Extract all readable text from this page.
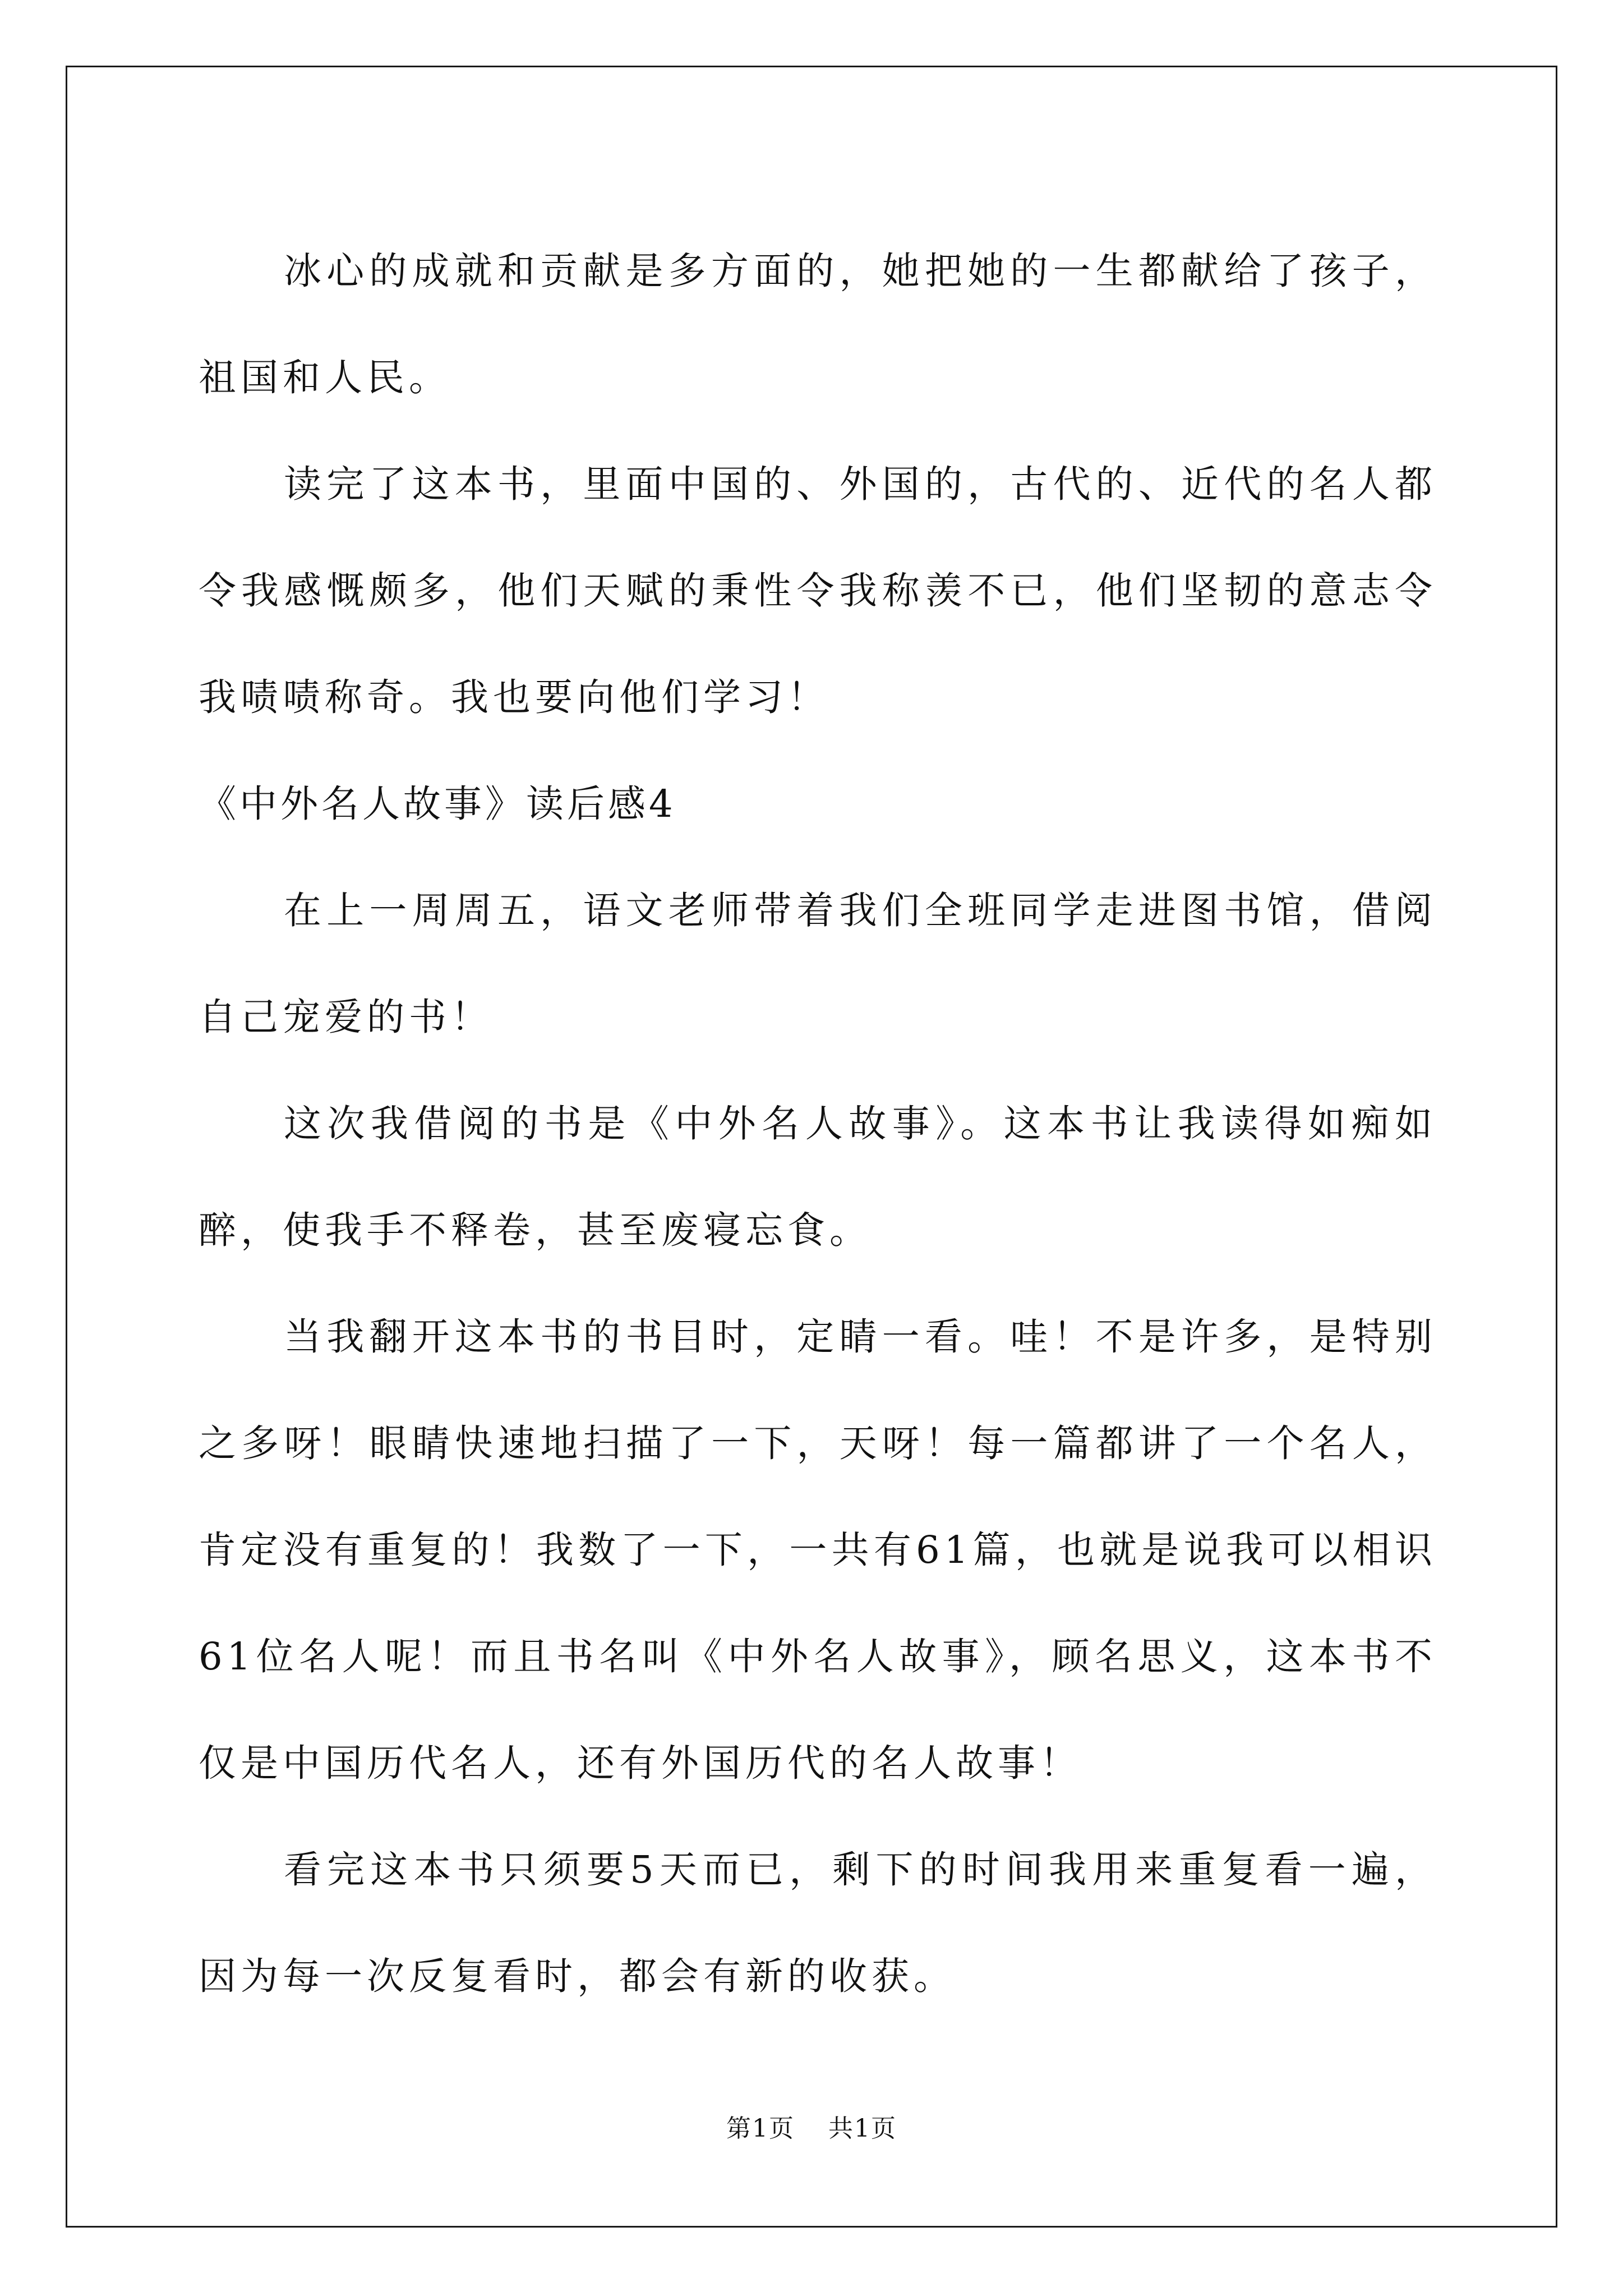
冰心的成就和贡献是多方面的，她把她的一生都献给了孩子，祖国和人民。

读完了这本书，里面中国的、外国的，古代的、近代的名人都令我感慨颇多，他们天赋的秉性令我称羡不已，他们坚韧的意志令我啧啧称奇。我也要向他们学习！

《中外名人故事》读后感4

在上一周周五，语文老师带着我们全班同学走进图书馆，借阅自己宠爱的书！

这次我借阅的书是《中外名人故事》。这本书让我读得如痴如醉，使我手不释卷，甚至废寝忘食。

当我翻开这本书的书目时，定睛一看。哇！不是许多，是特别之多呀！眼睛快速地扫描了一下，天呀！每一篇都讲了一个名人，肯定没有重复的！我数了一下，一共有61篇，也就是说我可以相识61位名人呢！而且书名叫《中外名人故事》，顾名思义，这本书不仅是中国历代名人，还有外国历代的名人故事！

看完这本书只须要5天而已，剩下的时间我用来重复看一遍，因为每一次反复看时，都会有新的收获。

第1页 共1页
